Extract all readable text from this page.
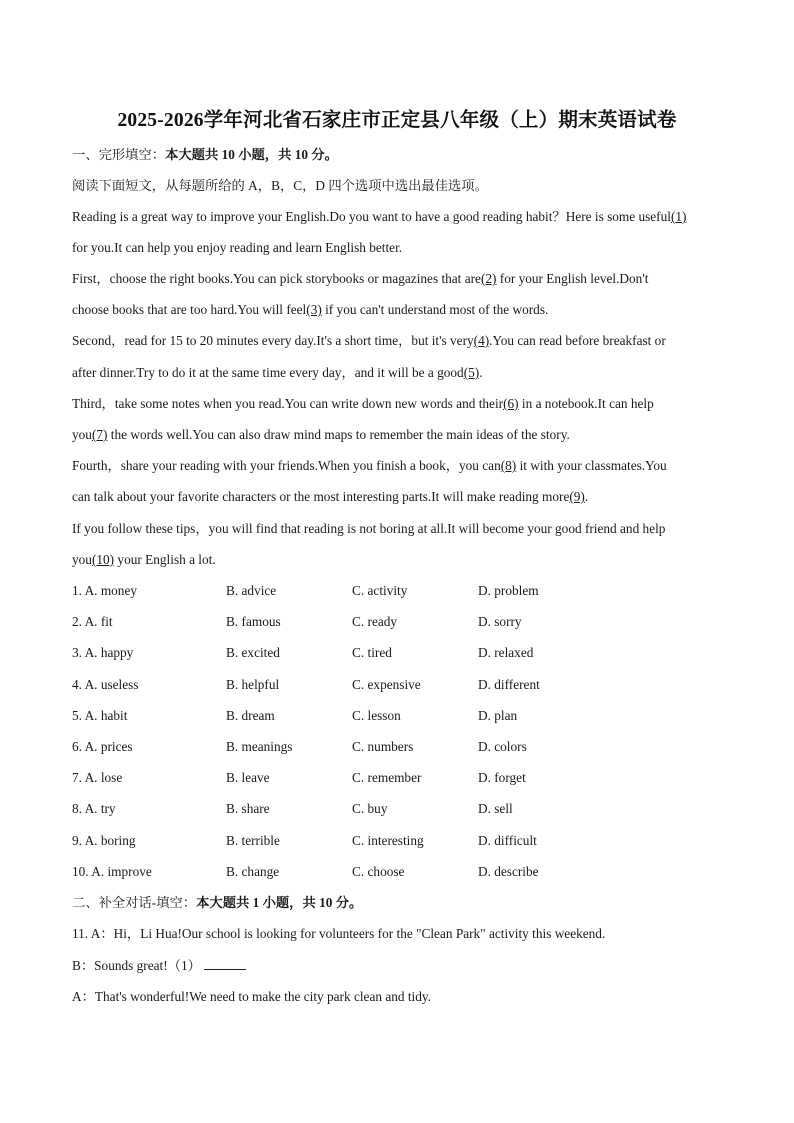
2025-2026学年河北省石家庄市正定县八年级（上）期末英语试卷
一、完形填空：本大题共 10 小题，共 10 分。
阅读下面短文，从每题所给的 A，B，C，D 四个选项中选出最佳选项。
Reading is a great way to improve your English.Do you want to have a good reading habit？Here is some useful(1)
for you.It can help you enjoy reading and learn English better.
First，choose the right books.You can pick storybooks or magazines that are(2) for your English level.Don't
choose books that are too hard.You will feel(3) if you can't understand most of the words.
Second，read for 15 to 20 minutes every day.It's a short time，but it's very(4).You can read before breakfast or
after dinner.Try to do it at the same time every day，and it will be a good(5).
Third，take some notes when you read.You can write down new words and their(6) in a notebook.It can help
you(7) the words well.You can also draw mind maps to remember the main ideas of the story.
Fourth，share your reading with your friends.When you finish a book，you can(8) it with your classmates.You
can talk about your favorite characters or the most interesting parts.It will make reading more(9).
If you follow these tips，you will find that reading is not boring at all.It will become your good friend and help
you(10) your English a lot.
1. A. money	B. advice	C. activity	D. problem
2. A. fit	B. famous	C. ready	D. sorry
3. A. happy	B. excited	C. tired	D. relaxed
4. A. useless	B. helpful	C. expensive	D. different
5. A. habit	B. dream	C. lesson	D. plan
6. A. prices	B. meanings	C. numbers	D. colors
7. A. lose	B. leave	C. remember	D. forget
8. A. try	B. share	C. buy	D. sell
9. A. boring	B. terrible	C. interesting	D. difficult
10. A. improve	B. change	C. choose	D. describe
二、补全对话-填空：本大题共 1 小题，共 10 分。
11. A：Hi，Li Hua!Our school is looking for volunteers for the "Clean Park" activity this weekend.
B：Sounds great!（1）
A：That's wonderful!We need to make the city park clean and tidy.
